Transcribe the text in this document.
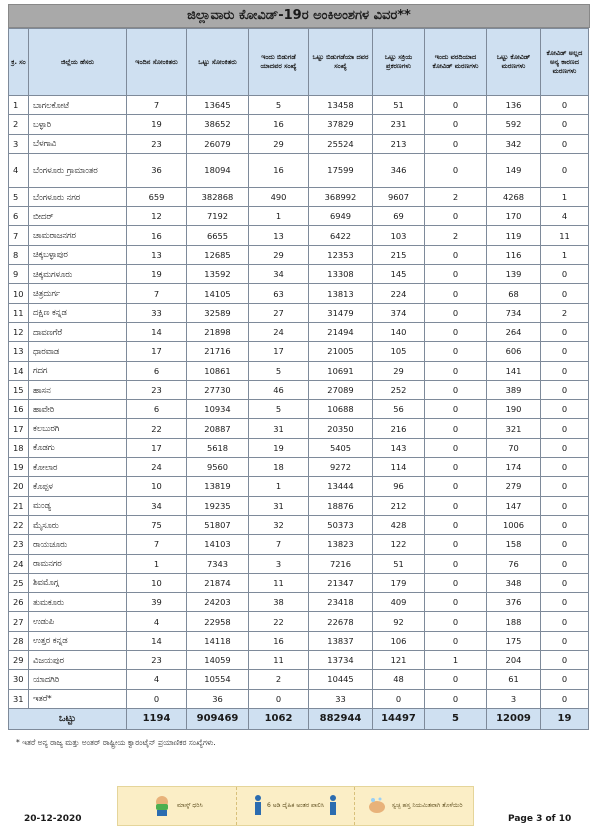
ಜಿಲ್ಲಾವಾರು ಕೋವಿಡ್-19ರ ಅಂಕಿಅಂಶಗಳ ವಿವರ**
ಕ್ರ. ಸಂ	ಜಿಲ್ಲೆಯ ಹೆಸರು	ಇಂದಿನ ಸೋಂಕಿತರು	ಒಟ್ಟು ಸೋಂಕಿತರು	ಇಂದು ಬಿಡುಗಡೆ ಯಾದವರ ಸಂಖ್ಯೆ	ಒಟ್ಟು ಬಿಡುಗಡೆಯಾ ದವರ ಸಂಖ್ಯೆ	ಒಟ್ಟು ಸಕ್ರಿಯ ಪ್ರಕರಣಗಳು	ಇಂದು ವರದಿಯಾದ ಕೋವಿಡ್ ಮರಣಗಳು	ಒಟ್ಟು ಕೋವಿಡ್ ಮರಣಗಳು	ಕೋವಿಡ್ ಅಲ್ಲದ ಅನ್ಯ ಕಾರಣದ ಮರಣಗಳು
1	ಬಾಗಲಕೋಟೆ	7	13645	5	13458	51	0	136	0
2	ಬಳ್ಳಾರಿ	19	38652	16	37829	231	0	592	0
3	ಬೆಳಗಾವಿ	23	26079	29	25524	213	0	342	0
4	ಬೆಂಗಳೂರು ಗ್ರಾಮಾಂತರ	36	18094	16	17599	346	0	149	0
5	ಬೆಂಗಳೂರು ನಗರ	659	382868	490	368992	9607	2	4268	1
6	ಬೀದರ್	12	7192	1	6949	69	0	170	4
7	ಚಾಮರಾಜನಗರ	16	6655	13	6422	103	2	119	11
8	ಚಿಕ್ಕಬಳ್ಳಾಪುರ	13	12685	29	12353	215	0	116	1
9	ಚಿಕ್ಕಮಗಳೂರು	19	13592	34	13308	145	0	139	0
10	ಚಿತ್ರದುರ್ಗ	7	14105	63	13813	224	0	68	0
11	ದಕ್ಷಿಣ ಕನ್ನಡ	33	32589	27	31479	374	0	734	2
12	ದಾವಣಗೆರೆ	14	21898	24	21494	140	0	264	0
13	ಧಾರವಾಡ	17	21716	17	21005	105	0	606	0
14	ಗದಗ	6	10861	5	10691	29	0	141	0
15	ಹಾಸನ	23	27730	46	27089	252	0	389	0
16	ಹಾವೇರಿ	6	10934	5	10688	56	0	190	0
17	ಕಲಬುರಗಿ	22	20887	31	20350	216	0	321	0
18	ಕೊಡಗು	17	5618	19	5405	143	0	70	0
19	ಕೋಲಾರ	24	9560	18	9272	114	0	174	0
20	ಕೊಪ್ಪಳ	10	13819	1	13444	96	0	279	0
21	ಮಂಡ್ಯ	34	19235	31	18876	212	0	147	0
22	ಮೈಸೂರು	75	51807	32	50373	428	0	1006	0
23	ರಾಯಚೂರು	7	14103	7	13823	122	0	158	0
24	ರಾಮನಗರ	1	7343	3	7216	51	0	76	0
25	ಶಿವಮೊಗ್ಗ	10	21874	11	21347	179	0	348	0
26	ತುಮಕೂರು	39	24203	38	23418	409	0	376	0
27	ಉಡುಪಿ	4	22958	22	22678	92	0	188	0
28	ಉತ್ತರ ಕನ್ನಡ	14	14118	16	13837	106	0	175	0
29	ವಿಜಯಪುರ	23	14059	11	13734	121	1	204	0
30	ಯಾದಗಿರಿ	4	10554	2	10445	48	0	61	0
31	ಇತರೆ*	0	36	0	33	0	0	3	0
ಒಟ್ಟು		1194	909469	1062	882944	14497	5	12009	19
* ಇತರೆ ಅನ್ಯ ರಾಜ್ಯ ಮತ್ತು ಅಂತರ್ ರಾಷ್ಟ್ರೀಯ ಕ್ವಾರಂಟೈನ್ ಪ್ರಯಾಣಿಕರ ಸಂಖ್ಯೆಗಳು.
ಮಾಸ್ಕ್ ಧರಿಸಿ	6 ಅಡಿ ದೈಹಿಕ ಅಂತರ ಪಾಲಿಸಿ	ಸ್ವಚ್ಛ ಹಸ್ತ ನಿಯಮಿತವಾಗಿ ತೊಳೆಯಿರಿ
20-12-2020	Page 3 of 10
